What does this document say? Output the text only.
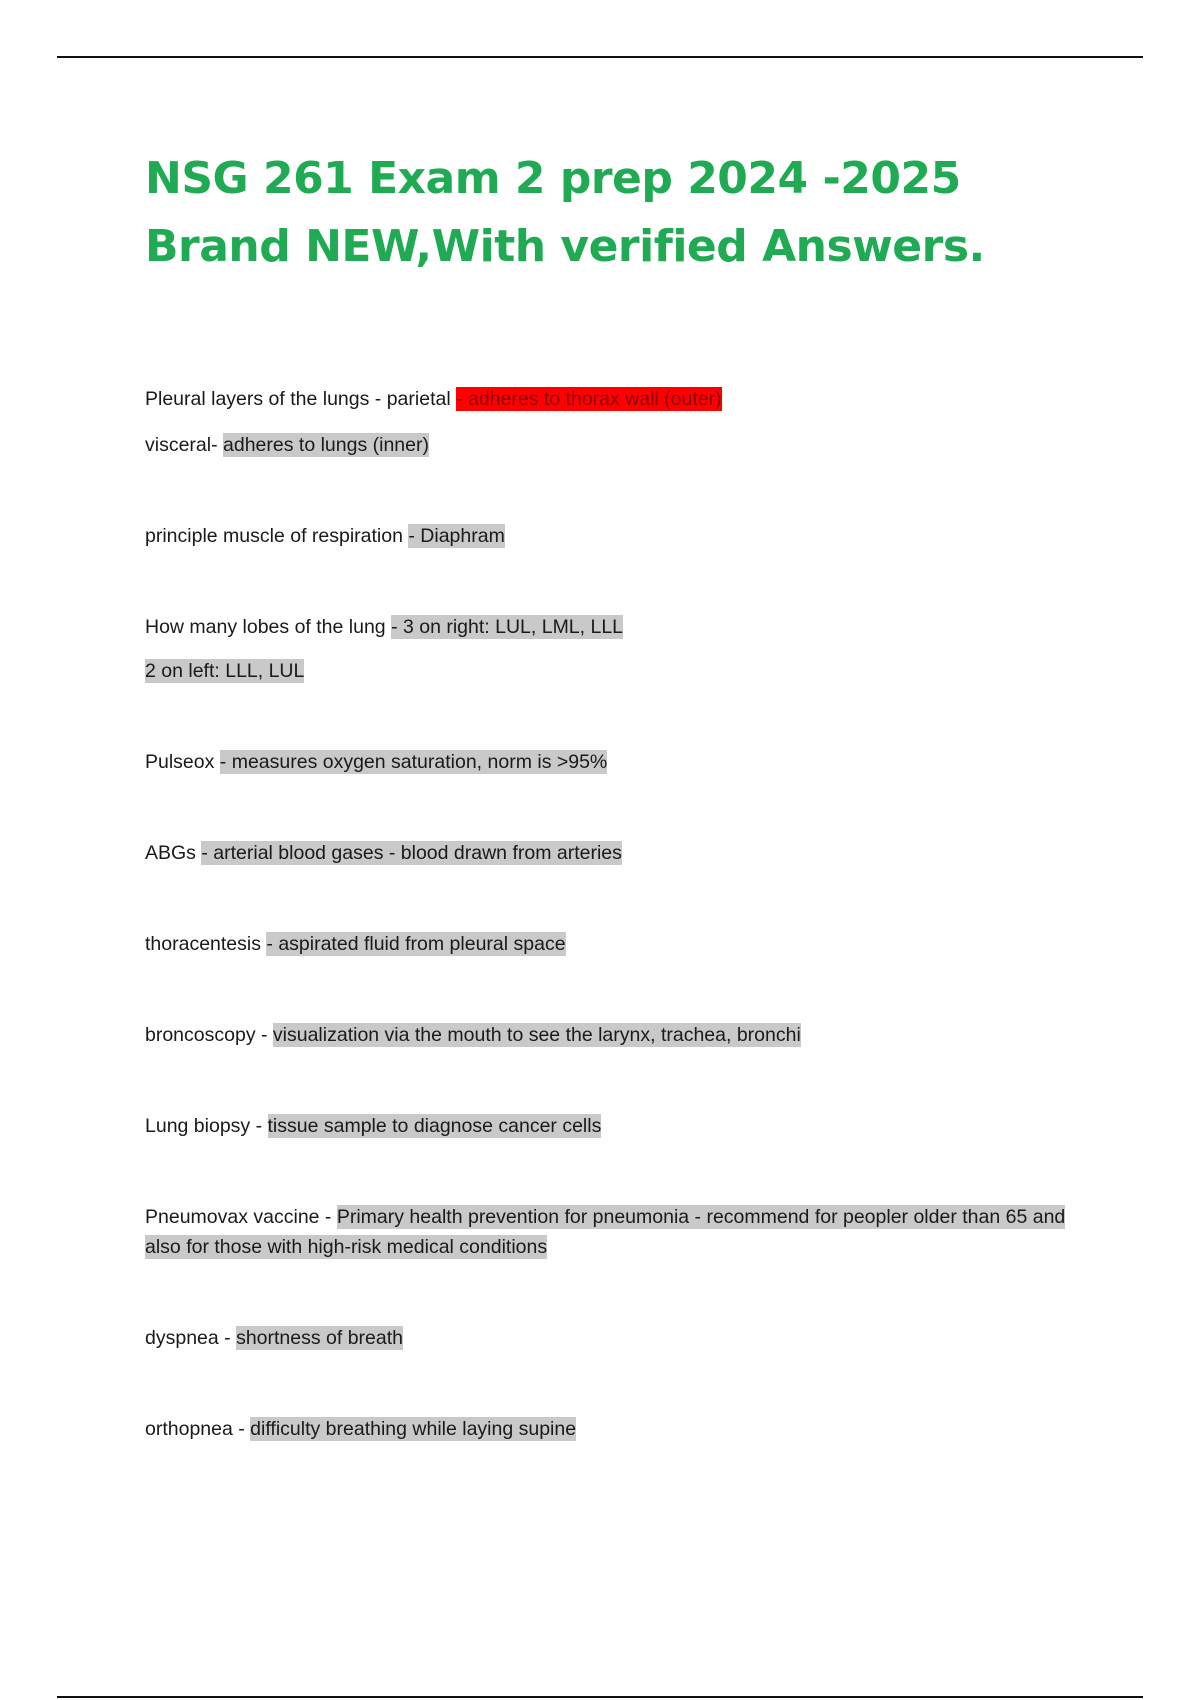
NSG 261 Exam 2 prep 2024 -2025 Brand NEW,With verified Answers.
Pleural layers of the lungs - parietal - adheres to thorax wall (outer)
visceral- adheres to lungs (inner)
principle muscle of respiration - Diaphram
How many lobes of the lung - 3 on right: LUL, LML, LLL
2 on left: LLL, LUL
Pulseox - measures oxygen saturation, norm is >95%
ABGs - arterial blood gases - blood drawn from arteries
thoracentesis - aspirated fluid from pleural space
broncoscopy - visualization via the mouth to see the larynx, trachea, bronchi
Lung biopsy - tissue sample to diagnose cancer cells
Pneumovax vaccine - Primary health prevention for pneumonia - recommend for peopler older than 65 and also for those with high-risk medical conditions
dyspnea - shortness of breath
orthopnea - difficulty breathing while laying supine
